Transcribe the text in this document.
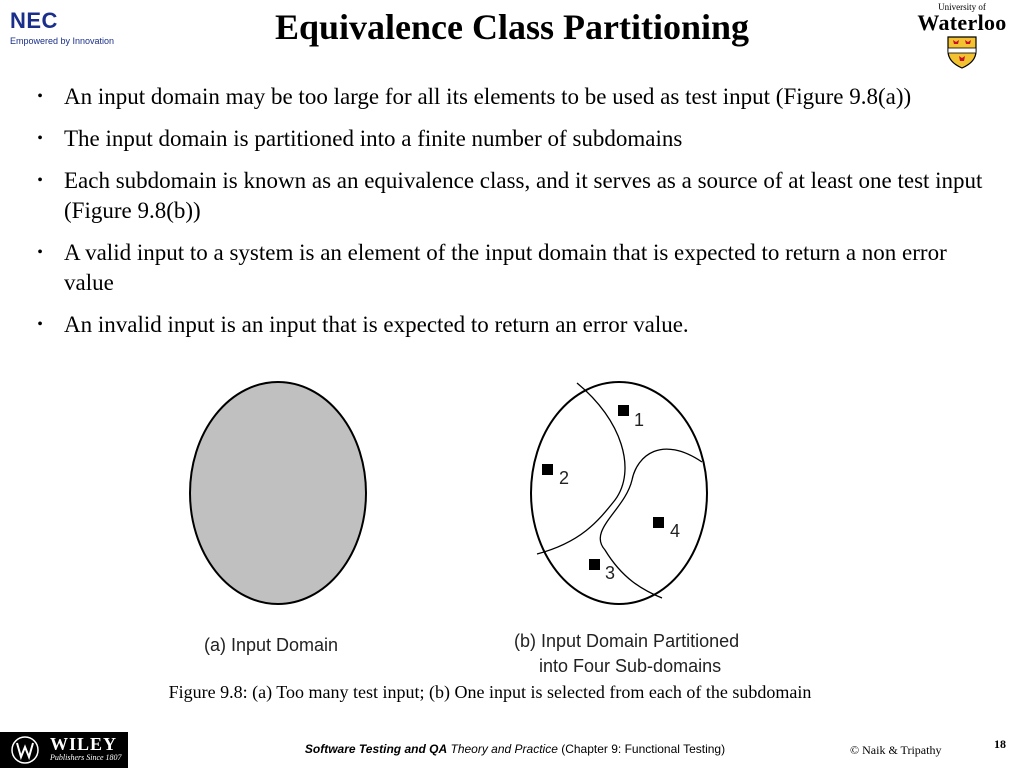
NEC
Empowered by Innovation	Equivalence Class Partitioning	University of
Waterloo
• An input domain may be too large for all its elements to be used as test input (Figure 9.8(a))
• The input domain is partitioned into a finite number of subdomains
• Each subdomain is known as an equivalence class, and it serves as a source of at least one test input (Figure 9.8(b))
• A valid input to a system is an element of the input domain that is expected to return a non error value
• An invalid input is an input that is expected to return an error value.
(a) Input Domain
1
2
3
4
(b) Input Domain Partitioned
into Four Sub-domains
Figure 9.8: (a) Too many test input; (b) One input is selected from each of the subdomain
WILEY
Publishers Since 1807
Software Testing and QA Theory and Practice (Chapter 9: Functional Testing)	© Naik & Tripathy	18
